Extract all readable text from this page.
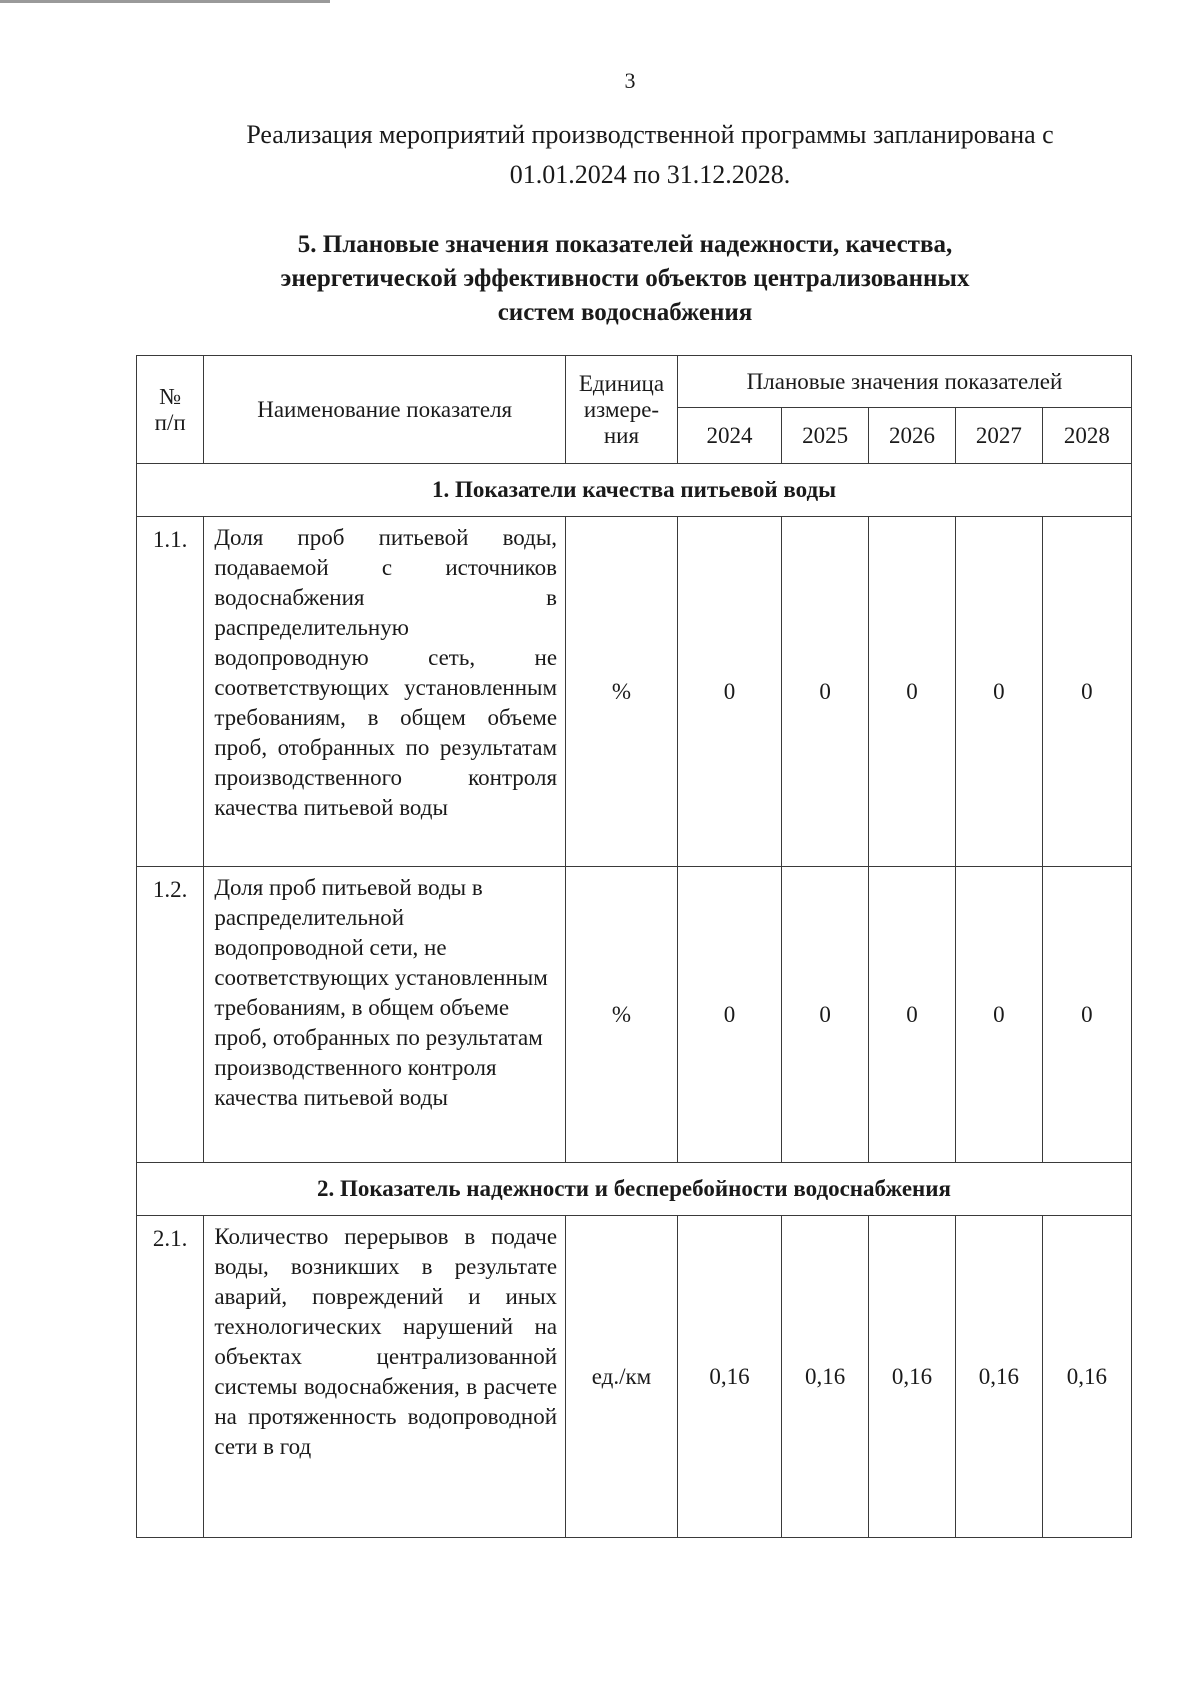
3
Реализация мероприятий производственной программы запланирована с 01.01.2024 по 31.12.2028.
5. Плановые значения показателей надежности, качества,
энергетической эффективности объектов централизованных
систем водоснабжения
№ п/п	Наименование показателя	Единица измере-ния	Плановые значения показателей				
			2024	2025	2026	2027	2028
1. Показатели качества питьевой воды							
1.1.	Доля проб питьевой воды, подаваемой с источников водоснабжения в распределительную водопроводную сеть, не соответствующих установленным требованиям, в общем объеме проб, отобранных по результатам производственного контроля качества питьевой воды	%	0	0	0	0	0
1.2.	Доля проб питьевой воды в распределительной водопроводной сети, не соответствующих установленным требованиям, в общем объеме проб, отобранных по результатам производственного контроля качества питьевой воды	%	0	0	0	0	0
2. Показатель надежности и бесперебойности водоснабжения							
2.1.	Количество перерывов в подаче воды, возникших в результате аварий, повреждений и иных технологических нарушений на объектах централизованной системы водоснабжения, в расчете на протяженность водопроводной сети в год	ед./км	0,16	0,16	0,16	0,16	0,16
